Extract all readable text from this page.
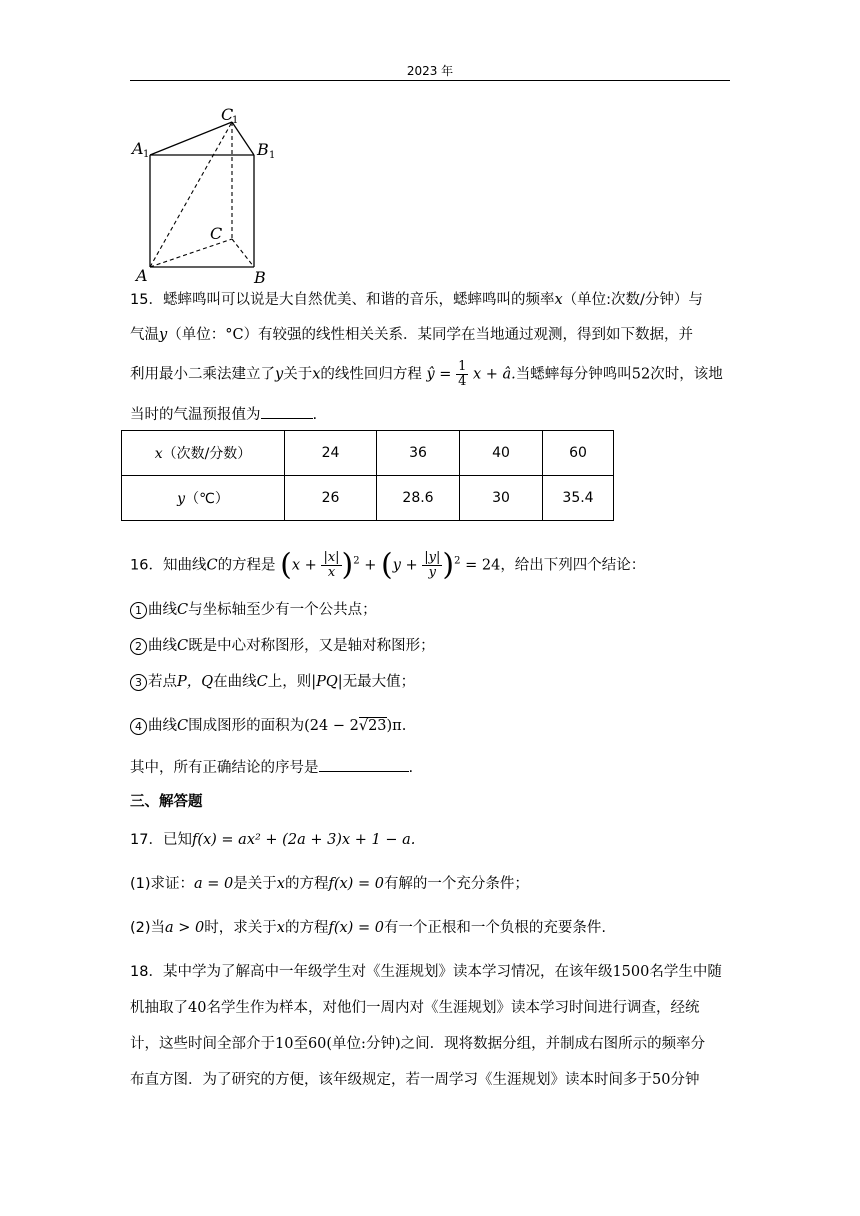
2023 年
C
1
A 1	B 1
C
A	B
15．蟋蟀鸣叫可以说是大自然优美、和谐的音乐，蟋蟀鸣叫的频率x（单位:次数/分钟）与
气温y（单位：°C）有较强的线性相关关系．某同学在当地通过观测，得到如下数据，并
利用最小二乘法建立了y关于x的线性回归方程 ŷ = $\frac{1}{4}$ x + â.当蟋蟀每分钟鸣叫52次时，该地
当时的气温预报值为	.
x（次数/分数）	24	36	40	60
y（℃）	26	28.6	30	35.4
16．知曲线C的方程是 $(x + \frac{|x|}{x} )^2 + (y + \frac{|y|}{y} )^2 = 24$，给出下列四个结论：
1 曲线C与坐标轴至少有一个公共点；
2 曲线C既是中心对称图形，又是轴对称图形；
3 若点P，Q在曲线C上，则|PQ|无最大值；
4 曲线C围成图形的面积为(24 − 2√23)π.
其中，所有正确结论的序号是	.
三、解答题
17．已知f(x) = ax² + (2a + 3)x + 1 − a.
(1)求证：a = 0是关于x的方程f(x) = 0有解的一个充分条件；
(2)当a > 0时，求关于x的方程f(x) = 0有一个正根和一个负根的充要条件.
18．某中学为了解高中一年级学生对《生涯规划》读本学习情况，在该年级1500名学生中随
机抽取了40名学生作为样本，对他们一周内对《生涯规划》读本学习时间进行调查，经统
计，这些时间全部介于10至60(单位:分钟)之间．现将数据分组，并制成右图所示的频率分
布直方图．为了研究的方便，该年级规定，若一周学习《生涯规划》读本时间多于50分钟
